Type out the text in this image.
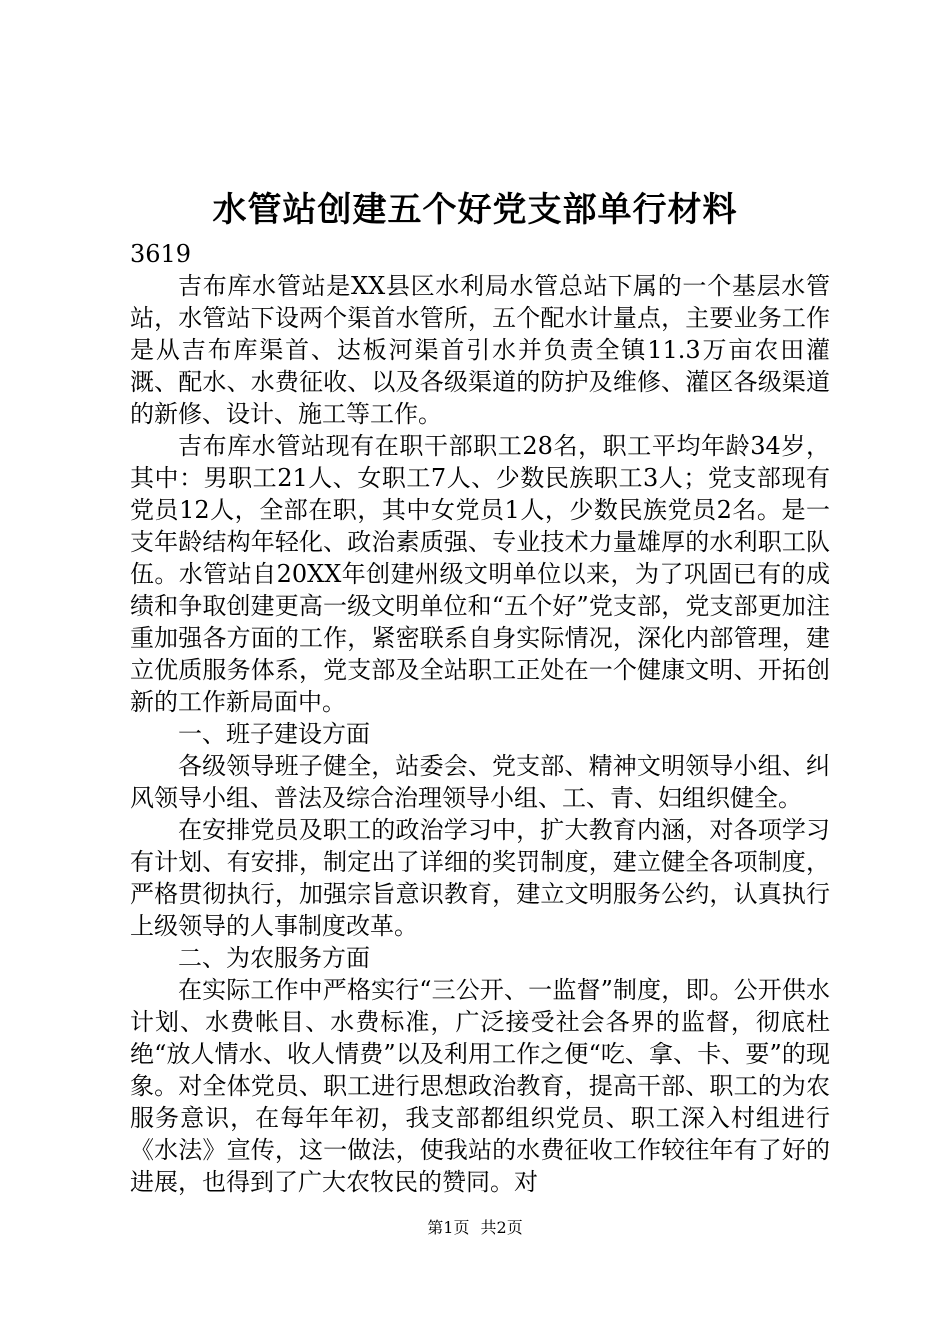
水管站创建五个好党支部单行材料

3619

吉布库水管站是XX县区水利局水管总站下属的一个基层水管站，水管站下设两个渠首水管所，五个配水计量点，主要业务工作是从吉布库渠首、达板河渠首引水并负责全镇11.3万亩农田灌溉、配水、水费征收、以及各级渠道的防护及维修、灌区各级渠道的新修、设计、施工等工作。

吉布库水管站现有在职干部职工28名，职工平均年龄34岁，其中：男职工21人、女职工7人、少数民族职工3人；党支部现有党员12人，全部在职，其中女党员1人，少数民族党员2名。是一支年龄结构年轻化、政治素质强、专业技术力量雄厚的水利职工队伍。水管站自20XX年创建州级文明单位以来，为了巩固已有的成绩和争取创建更高一级文明单位和“五个好”党支部，党支部更加注重加强各方面的工作，紧密联系自身实际情况，深化内部管理，建立优质服务体系，党支部及全站职工正处在一个健康文明、开拓创新的工作新局面中。

一、班子建设方面

各级领导班子健全，站委会、党支部、精神文明领导小组、纠风领导小组、普法及综合治理领导小组、工、青、妇组织健全。

在安排党员及职工的政治学习中，扩大教育内涵，对各项学习有计划、有安排，制定出了详细的奖罚制度，建立健全各项制度，严格贯彻执行，加强宗旨意识教育，建立文明服务公约，认真执行上级领导的人事制度改革。

二、为农服务方面

在实际工作中严格实行“三公开、一监督”制度，即。公开供水计划、水费帐目、水费标准，广泛接受社会各界的监督，彻底杜绝“放人情水、收人情费”以及利用工作之便“吃、拿、卡、要”的现象。对全体党员、职工进行思想政治教育，提高干部、职工的为农服务意识，在每年年初，我支部都组织党员、职工深入村组进行《水法》宣传，这一做法，使我站的水费征收工作较往年有了好的进展，也得到了广大农牧民的赞同。对

第1页 共2页
